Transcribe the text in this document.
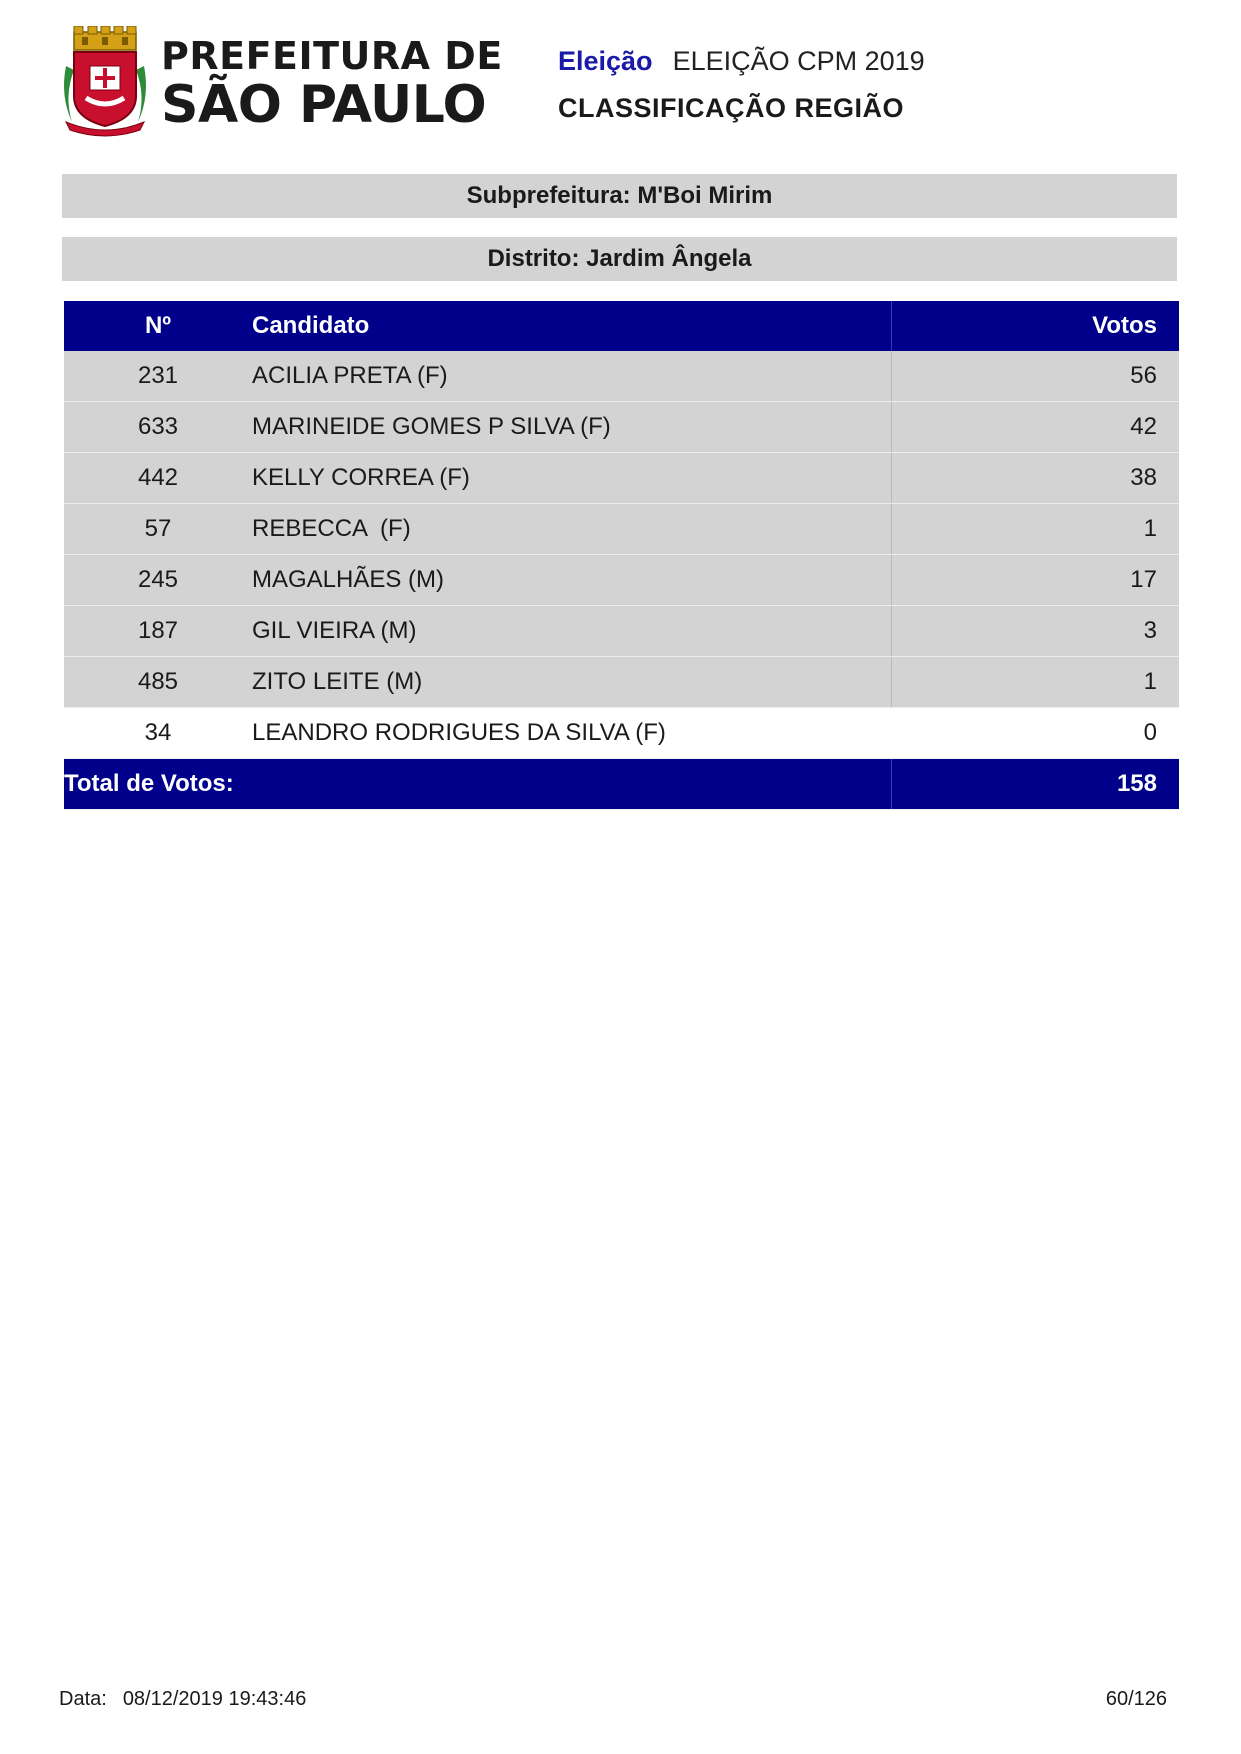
PREFEITURA DE
SÃO PAULO
Eleição ELEIÇÃO CPM 2019
CLASSIFICAÇÃO REGIÃO
Subprefeitura: M'Boi Mirim
Distrito: Jardim Ângela
Nº	Candidato	Votos
231	ACILIA PRETA (F)	56
633	MARINEIDE GOMES P SILVA (F)	42
442	KELLY CORREA (F)	38
57	REBECCA  (F)	1
245	MAGALHÃES (M)	17
187	GIL VIEIRA (M)	3
485	ZITO LEITE (M)	1
34	LEANDRO RODRIGUES DA SILVA (F)	0
Total de Votos:		158
Data: 08/12/2019 19:43:46	60/126
